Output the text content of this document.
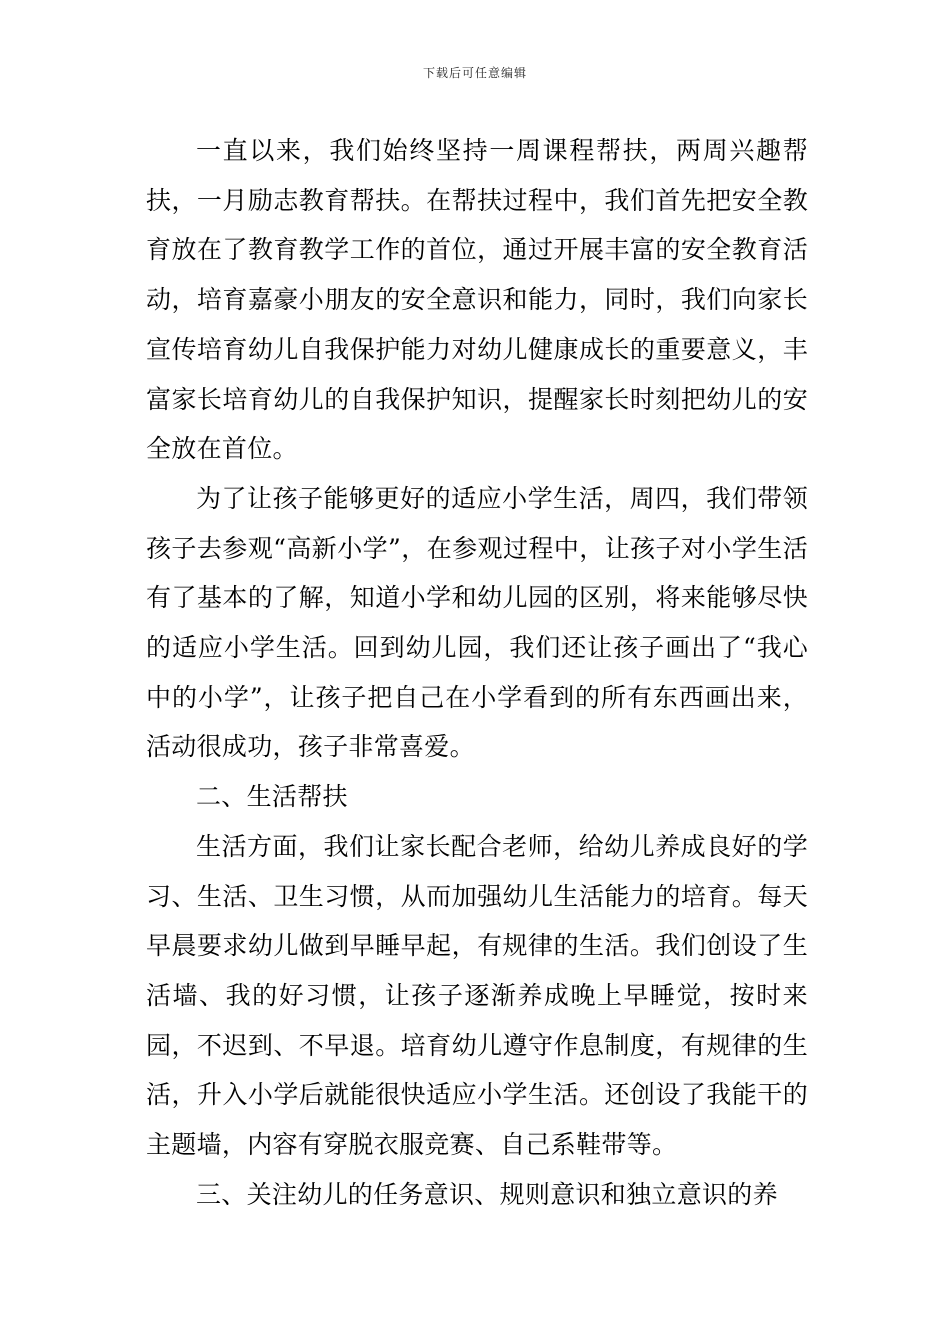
下载后可任意编辑

一直以来，我们始终坚持一周课程帮扶，两周兴趣帮扶，一月励志教育帮扶。在帮扶过程中，我们首先把安全教育放在了教育教学工作的首位，通过开展丰富的安全教育活动，培育嘉豪小朋友的安全意识和能力，同时，我们向家长宣传培育幼儿自我保护能力对幼儿健康成长的重要意义，丰富家长培育幼儿的自我保护知识，提醒家长时刻把幼儿的安全放在首位。

为了让孩子能够更好的适应小学生活，周四，我们带领孩子去参观“高新小学”，在参观过程中，让孩子对小学生活有了基本的了解，知道小学和幼儿园的区别，将来能够尽快的适应小学生活。回到幼儿园，我们还让孩子画出了“我心中的小学”，让孩子把自己在小学看到的所有东西画出来，活动很成功，孩子非常喜爱。

二、生活帮扶

生活方面，我们让家长配合老师，给幼儿养成良好的学习、生活、卫生习惯，从而加强幼儿生活能力的培育。每天早晨要求幼儿做到早睡早起，有规律的生活。我们创设了生活墙、我的好习惯，让孩子逐渐养成晚上早睡觉，按时来园，不迟到、不早退。培育幼儿遵守作息制度，有规律的生活，升入小学后就能很快适应小学生活。还创设了我能干的主题墙，内容有穿脱衣服竞赛、自己系鞋带等。

三、关注幼儿的任务意识、规则意识和独立意识的养
